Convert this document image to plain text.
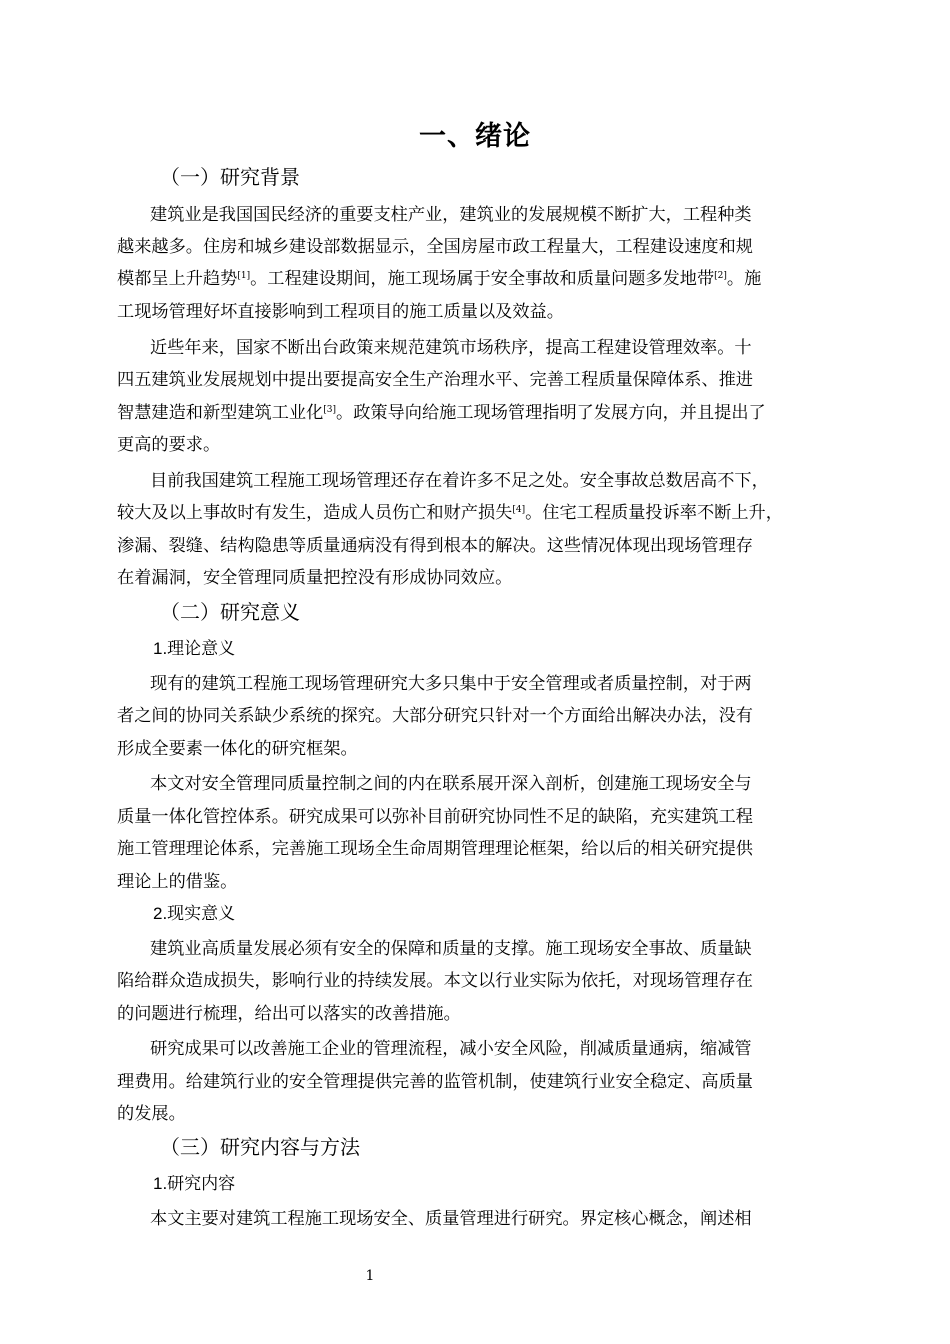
一、绪论
（一）研究背景
建筑业是我国国民经济的重要支柱产业，建筑业的发展规模不断扩大，工程种类
越来越多。住房和城乡建设部数据显示，全国房屋市政工程量大，工程建设速度和规
模都呈上升趋势[1]。工程建设期间，施工现场属于安全事故和质量问题多发地带[2]。施
工现场管理好坏直接影响到工程项目的施工质量以及效益。
近些年来，国家不断出台政策来规范建筑市场秩序，提高工程建设管理效率。十
四五建筑业发展规划中提出要提高安全生产治理水平、完善工程质量保障体系、推进
智慧建造和新型建筑工业化[3]。政策导向给施工现场管理指明了发展方向，并且提出了
更高的要求。
目前我国建筑工程施工现场管理还存在着许多不足之处。安全事故总数居高不下，
较大及以上事故时有发生，造成人员伤亡和财产损失[4]。住宅工程质量投诉率不断上升，
渗漏、裂缝、结构隐患等质量通病没有得到根本的解决。这些情况体现出现场管理存
在着漏洞，安全管理同质量把控没有形成协同效应。
（二）研究意义
1.理论意义
现有的建筑工程施工现场管理研究大多只集中于安全管理或者质量控制，对于两
者之间的协同关系缺少系统的探究。大部分研究只针对一个方面给出解决办法，没有
形成全要素一体化的研究框架。
本文对安全管理同质量控制之间的内在联系展开深入剖析，创建施工现场安全与
质量一体化管控体系。研究成果可以弥补目前研究协同性不足的缺陷，充实建筑工程
施工管理理论体系，完善施工现场全生命周期管理理论框架，给以后的相关研究提供
理论上的借鉴。
2.现实意义
建筑业高质量发展必须有安全的保障和质量的支撑。施工现场安全事故、质量缺
陷给群众造成损失，影响行业的持续发展。本文以行业实际为依托，对现场管理存在
的问题进行梳理，给出可以落实的改善措施。
研究成果可以改善施工企业的管理流程，减小安全风险，削减质量通病，缩减管
理费用。给建筑行业的安全管理提供完善的监管机制，使建筑行业安全稳定、高质量
的发展。
（三）研究内容与方法
1.研究内容
本文主要对建筑工程施工现场安全、质量管理进行研究。界定核心概念，阐述相
1
